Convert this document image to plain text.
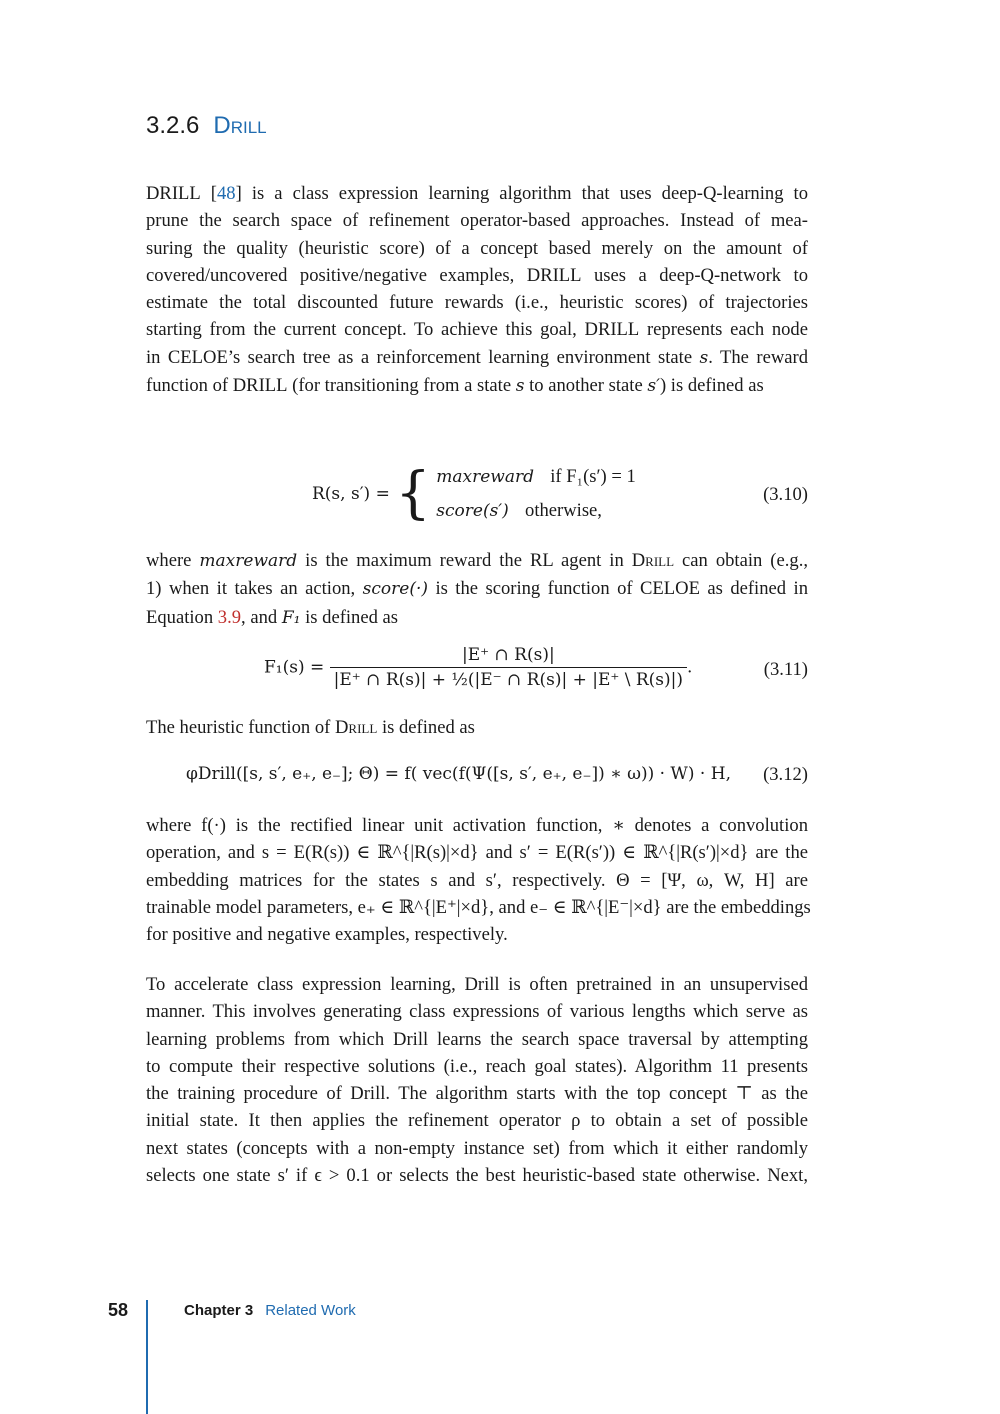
3.2.6 Drill
DRILL [48] is a class expression learning algorithm that uses deep-Q-learning to
prune the search space of refinement operator-based approaches. Instead of mea-
suring the quality (heuristic score) of a concept based merely on the amount of
covered/uncovered positive/negative examples, DRILL uses a deep-Q-network to
estimate the total discounted future rewards (i.e., heuristic scores) of trajectories
starting from the current concept. To achieve this goal, DRILL represents each node
in CELOE’s search tree as a reinforcement learning environment state s. The reward
function of DRILL (for transitioning from a state s to another state s′) is defined as
R(s, s′) = { maxreward if F₁(s′) = 1
score(s′) otherwise,
(3.10)
where maxreward is the maximum reward the RL agent in Drill can obtain (e.g.,
1) when it takes an action, score(·) is the scoring function of CELOE as defined in
Equation 3.9, and F₁ is defined as
$F_1(s) = \frac{|E^+ \cap R(s)|}{\text{|E⁺ ∩ R(s)| + ½(|E⁻ ∩ R(s)| + |E⁺ \textbackslash{} R(s)|)}}$ .	(3.11)
The heuristic function of Drill is defined as
φDrill([s, s′, e₊, e₋]; Θ) = f( vec(f(Ψ([s, s′, e₊, e₋]) ∗ ω)) · W) · H, (3.12)
where f(·) is the rectified linear unit activation function, ∗ denotes a convolution
operation, and s = E(R(s)) ∈ ℝ^{|R(s)|×d} and s′ = E(R(s′)) ∈ ℝ^{|R(s′)|×d} are the
embedding matrices for the states s and s′, respectively. Θ = [Ψ, ω, W, H] are
trainable model parameters, e₊ ∈ ℝ^{|E⁺|×d}, and e₋ ∈ ℝ^{|E⁻|×d} are the embeddings
for positive and negative examples, respectively.
To accelerate class expression learning, Drill is often pretrained in an unsupervised
manner. This involves generating class expressions of various lengths which serve as
learning problems from which Drill learns the search space traversal by attempting
to compute their respective solutions (i.e., reach goal states). Algorithm 11 presents
the training procedure of Drill. The algorithm starts with the top concept ⊤ as the
initial state. It then applies the refinement operator ρ to obtain a set of possible
next states (concepts with a non-empty instance set) from which it either randomly
selects one state s′ if ϵ > 0.1 or selects the best heuristic-based state otherwise. Next,
58	Chapter 3 Related Work
